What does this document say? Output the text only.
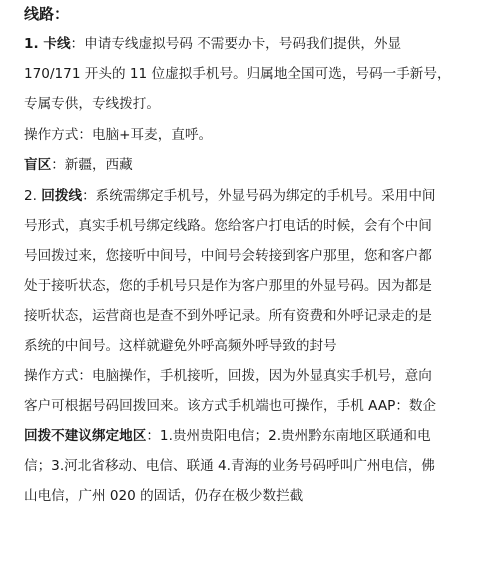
线路：
1. 卡线：申请专线虚拟号码 不需要办卡，号码我们提供，外显
170/171 开头的 11 位虚拟手机号。归属地全国可选，号码一手新号，
专属专供，专线拨打。
操作方式：电脑+耳麦，直呼。
盲区：新疆，西藏
2. 回拨线：系统需绑定手机号，外显号码为绑定的手机号。采用中间
号形式，真实手机号绑定线路。您给客户打电话的时候，会有个中间
号回拨过来，您接听中间号，中间号会转接到客户那里，您和客户都
处于接听状态，您的手机号只是作为客户那里的外显号码。因为都是
接听状态，运营商也是查不到外呼记录。所有资费和外呼记录走的是
系统的中间号。这样就避免外呼高频外呼导致的封号
操作方式：电脑操作，手机接听，回拨，因为外显真实手机号，意向
客户可根据号码回拨回来。该方式手机端也可操作，手机 AAP：数企
回拨不建议绑定地区：1.贵州贵阳电信；2.贵州黔东南地区联通和电
信；3.河北省移动、电信、联通 4.青海的业务号码呼叫广州电信，佛
山电信，广州 020 的固话，仍存在极少数拦截
